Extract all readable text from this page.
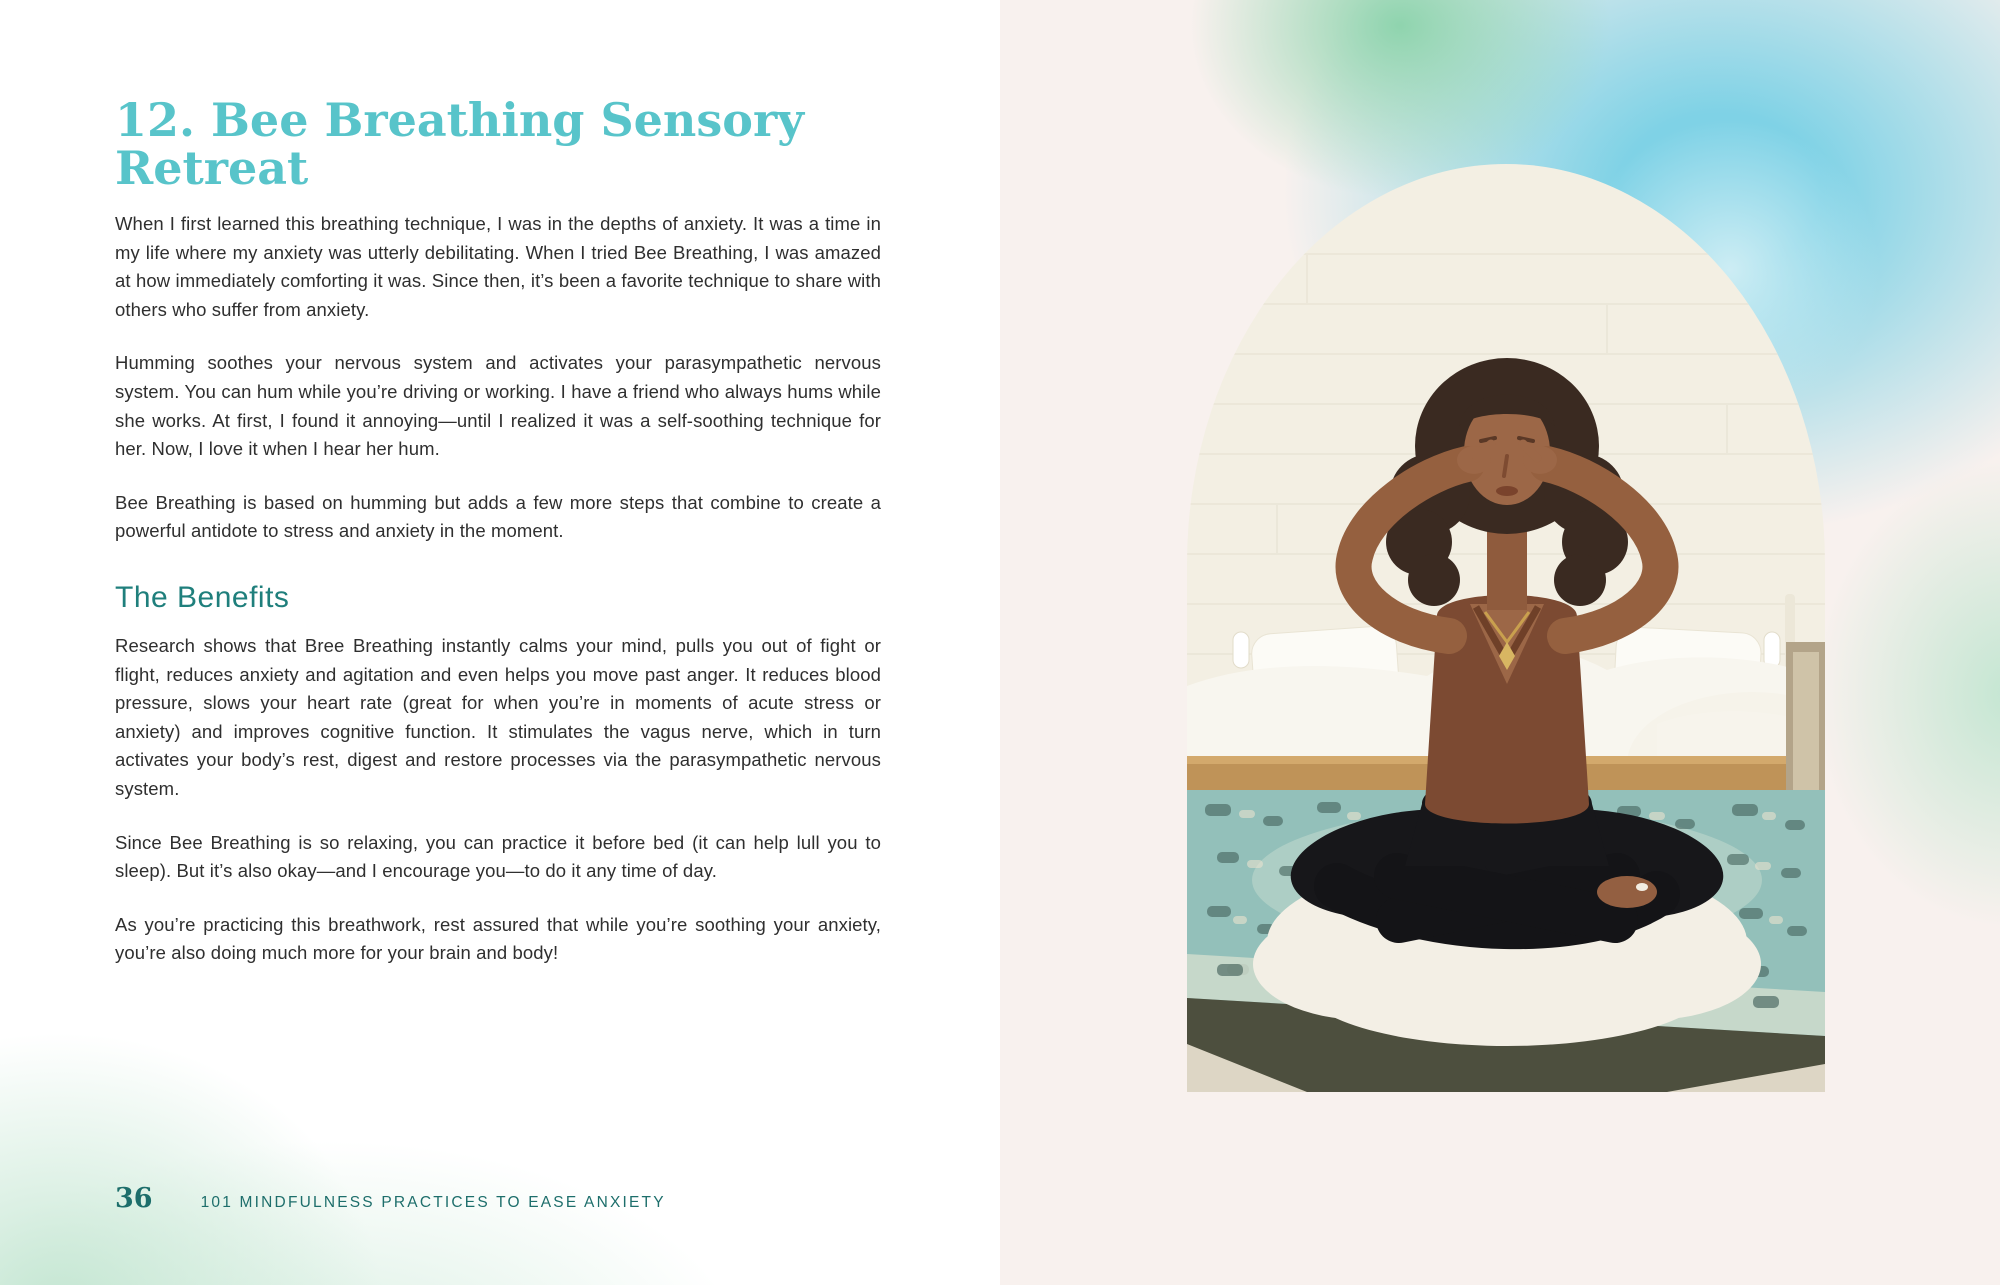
12. Bee Breathing Sensory Retreat

When I first learned this breathing technique, I was in the depths of anxiety. It was a time in my life where my anxiety was utterly debilitating. When I tried Bee Breathing, I was amazed at how immediately comforting it was. Since then, it’s been a favorite technique to share with others who suffer from anxiety.

Humming soothes your nervous system and activates your parasympathetic nervous system. You can hum while you’re driving or working. I have a friend who always hums while she works. At first, I found it annoying—until I realized it was a self-soothing technique for her. Now, I love it when I hear her hum.

Bee Breathing is based on humming but adds a few more steps that combine to create a powerful antidote to stress and anxiety in the moment.

The Benefits

Research shows that Bree Breathing instantly calms your mind, pulls you out of fight or flight, reduces anxiety and agitation and even helps you move past anger. It reduces blood pressure, slows your heart rate (great for when you’re in moments of acute stress or anxiety) and improves cognitive function. It stimulates the vagus nerve, which in turn activates your body’s rest, digest and restore processes via the parasympathetic nervous system.

Since Bee Breathing is so relaxing, you can practice it before bed (it can help lull you to sleep). But it’s also okay—and I encourage you—to do it any time of day.

As you’re practicing this breathwork, rest assured that while you’re soothing your anxiety, you’re also doing much more for your brain and body!

36	101 MINDFULNESS PRACTICES TO EASE ANXIETY
